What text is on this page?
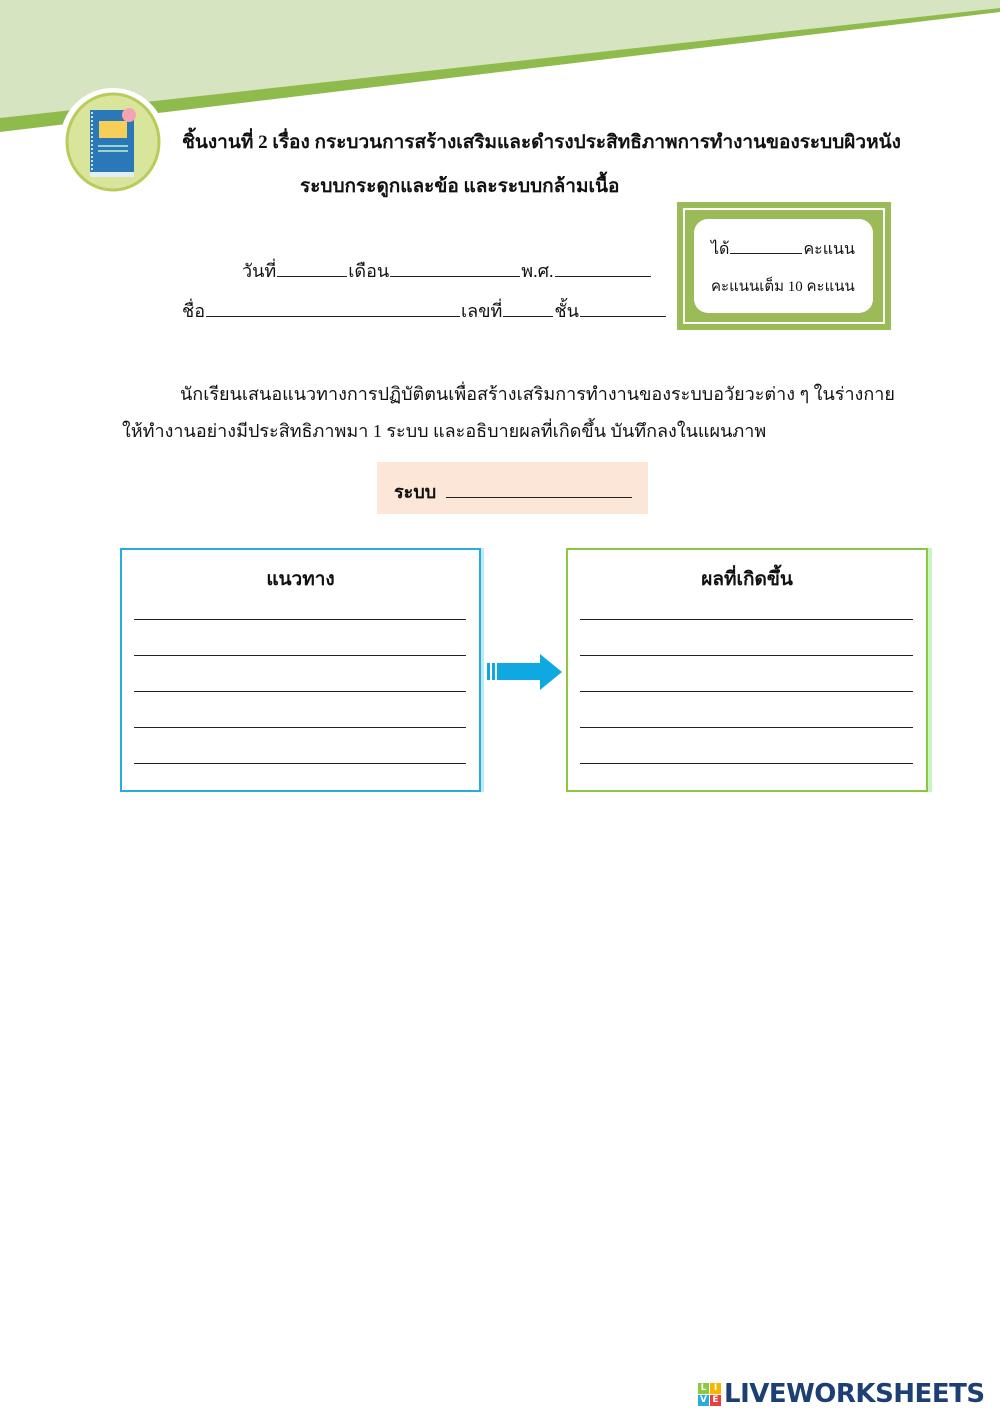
ชิ้นงานที่ 2 เรื่อง กระบวนการสร้างเสริมและดำรงประสิทธิภาพการทำงานของระบบผิวหนัง
ระบบกระดูกและข้อ และระบบกล้ามเนื้อ
วันที่	เดือน	พ.ศ.
ชื่อ	เลขที่	ชั้น
ได้	คะแนน
คะแนนเต็ม 10 คะแนน
นักเรียนเสนอแนวทางการปฏิบัติตนเพื่อสร้างเสริมการทำงานของระบบอวัยวะต่าง ๆ ในร่างกาย
ให้ทำงานอย่างมีประสิทธิภาพมา 1 ระบบ และอธิบายผลที่เกิดขึ้น บันทึกลงในแผนภาพ
ระบบ
แนวทาง	ผลที่เกิดขึ้น
L I
V E LIVEWORKSHEETS
